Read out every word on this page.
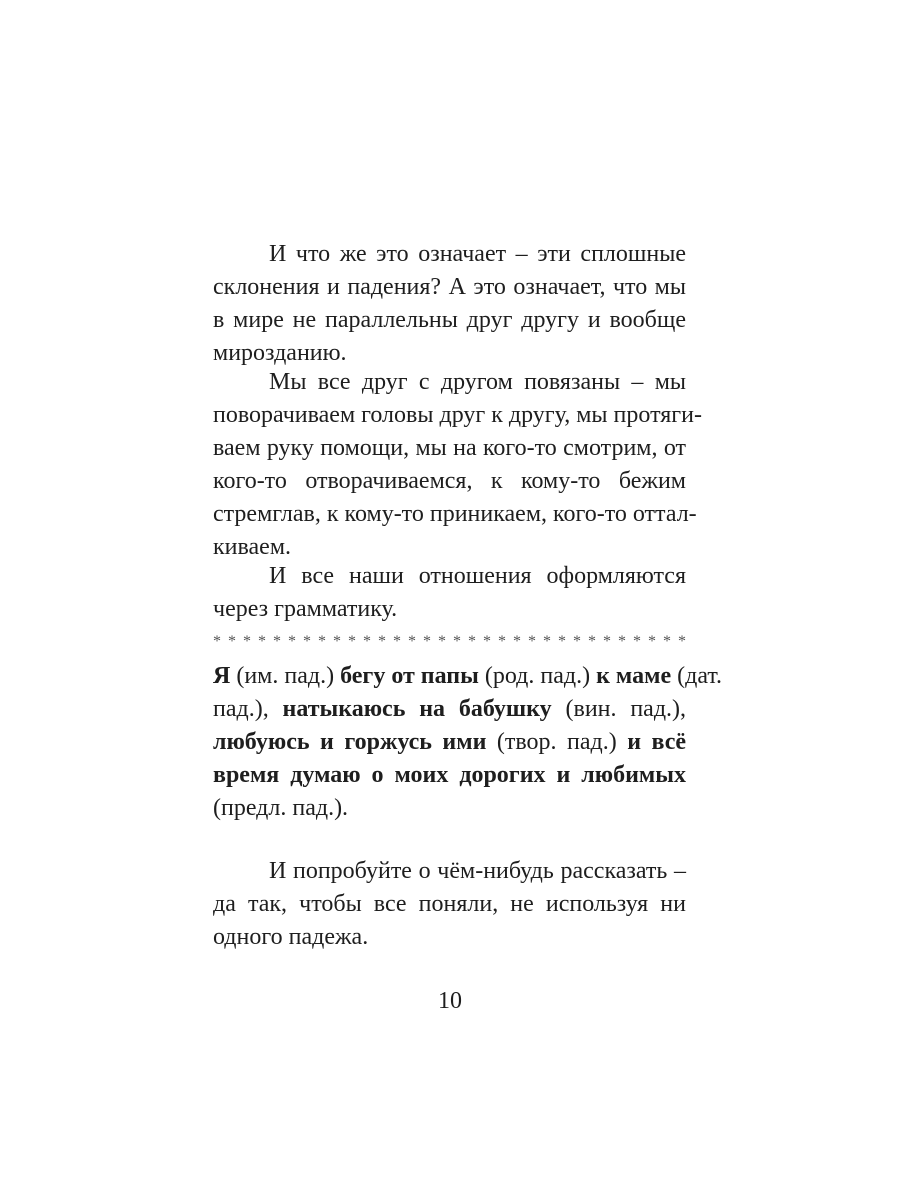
И что же это означает – эти сплошные
склонения и падения? А это означает, что мы
в мире не параллельны друг другу и вообще
мирозданию.
Мы все друг с другом повязаны – мы
поворачиваем головы друг к другу, мы протяги-
ваем руку помощи, мы на кого-то смотрим, от
кого-то отворачиваемся, к кому-то бежим
стремглав, к кому-то приникаем, кого-то оттал-
киваем.
И все наши отношения оформляются
через грамматику.
* * * * * * * * * * * * * * * * * * * * * * * * * * * * * * * *
Я (им. пад.) бегу от папы (род. пад.) к маме (дат.
пад.), натыкаюсь на бабушку (вин. пад.),
любуюсь и горжусь ими (твор. пад.) и всё
время думаю о моих дорогих и любимых
(предл. пад.).
И попробуйте о чём-нибудь рассказать –
да так, чтобы все поняли, не используя ни
одного падежа.
10
